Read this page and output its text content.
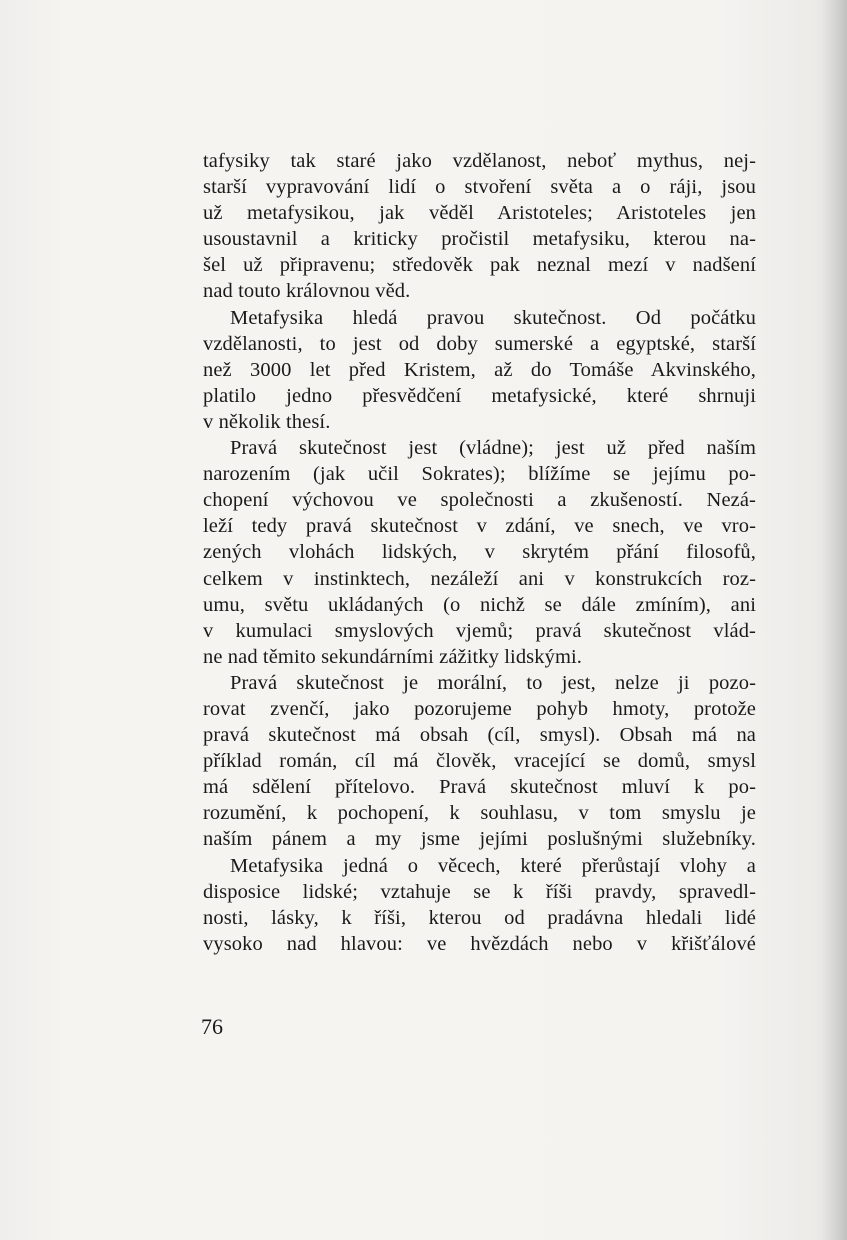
tafysiky tak staré jako vzdělanost, neboť mythus, nej-
starší vypravování lidí o stvoření světa a o ráji, jsou
už metafysikou, jak věděl Aristoteles; Aristoteles jen
usoustavnil a kriticky pročistil metafysiku, kterou na-
šel už připravenu; středověk pak neznal mezí v nadšení
nad touto královnou věd.
Metafysika hledá pravou skutečnost. Od počátku
vzdělanosti, to jest od doby sumerské a egyptské, starší
než 3000 let před Kristem, až do Tomáše Akvinského,
platilo jedno přesvědčení metafysické, které shrnuji
v několik thesí.
Pravá skutečnost jest (vládne); jest už před naším
narozením (jak učil Sokrates); blížíme se jejímu po-
chopení výchovou ve společnosti a zkušeností. Nezá-
leží tedy pravá skutečnost v zdání, ve snech, ve vro-
zených vlohách lidských, v skrytém přání filosofů,
celkem v instinktech, nezáleží ani v konstrukcích roz-
umu, světu ukládaných (o nichž se dále zmíním), ani
v kumulaci smyslových vjemů; pravá skutečnost vlád-
ne nad těmito sekundárními zážitky lidskými.
Pravá skutečnost je morální, to jest, nelze ji pozo-
rovat zvenčí, jako pozorujeme pohyb hmoty, protože
pravá skutečnost má obsah (cíl, smysl). Obsah má na
příklad román, cíl má člověk, vracející se domů, smysl
má sdělení přítelovo. Pravá skutečnost mluví k po-
rozumění, k pochopení, k souhlasu, v tom smyslu je
naším pánem a my jsme jejími poslušnými služebníky.
Metafysika jedná o věcech, které přerůstají vlohy a
disposice lidské; vztahuje se k říši pravdy, spravedl-
nosti, lásky, k říši, kterou od pradávna hledali lidé
vysoko nad hlavou: ve hvězdách nebo v křišťálové
76
